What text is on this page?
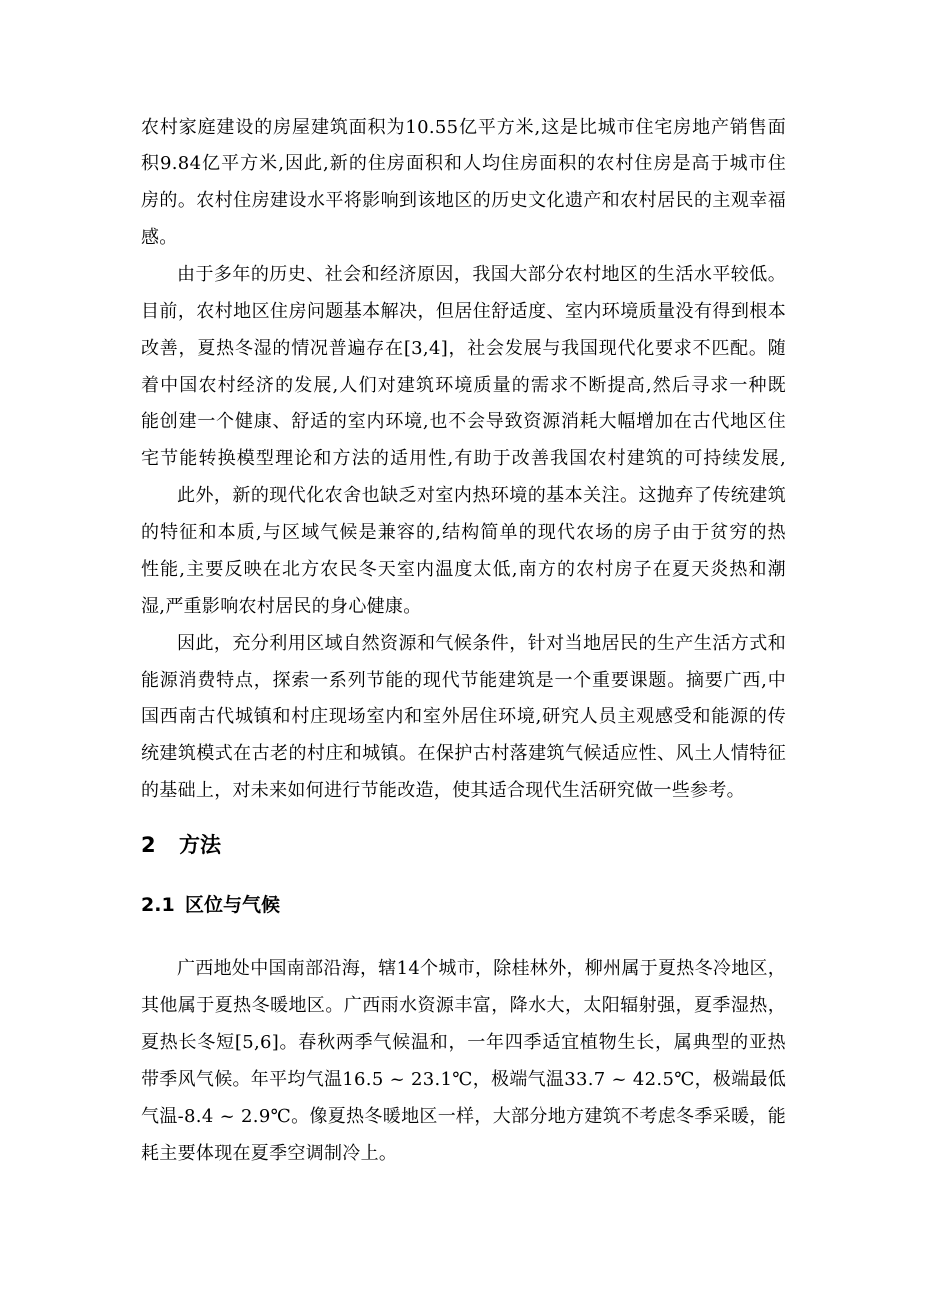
农村家庭建设的房屋建筑面积为10.55亿平方米,这是比城市住宅房地产销售面
积9.84亿平方米,因此,新的住房面积和人均住房面积的农村住房是高于城市住
房的。农村住房建设水平将影响到该地区的历史文化遗产和农村居民的主观幸福
感。
由于多年的历史、社会和经济原因，我国大部分农村地区的生活水平较低。
目前，农村地区住房问题基本解决，但居住舒适度、室内环境质量没有得到根本
改善，夏热冬湿的情况普遍存在[3,4]，社会发展与我国现代化要求不匹配。随
着中国农村经济的发展,人们对建筑环境质量的需求不断提高,然后寻求一种既
能创建一个健康、舒适的室内环境,也不会导致资源消耗大幅增加在古代地区住
宅节能转换模型理论和方法的适用性,有助于改善我国农村建筑的可持续发展,
此外，新的现代化农舍也缺乏对室内热环境的基本关注。这抛弃了传统建筑
的特征和本质,与区域气候是兼容的,结构简单的现代农场的房子由于贫穷的热
性能,主要反映在北方农民冬天室内温度太低,南方的农村房子在夏天炎热和潮
湿,严重影响农村居民的身心健康。
因此，充分利用区域自然资源和气候条件，针对当地居民的生产生活方式和
能源消费特点，探索一系列节能的现代节能建筑是一个重要课题。摘要广西,中
国西南古代城镇和村庄现场室内和室外居住环境,研究人员主观感受和能源的传
统建筑模式在古老的村庄和城镇。在保护古村落建筑气候适应性、风土人情特征
的基础上，对未来如何进行节能改造，使其适合现代生活研究做一些参考。
2 方法
2.1 区位与气候
广西地处中国南部沿海，辖14个城市，除桂林外，柳州属于夏热冬冷地区，
其他属于夏热冬暖地区。广西雨水资源丰富，降水大，太阳辐射强，夏季湿热，
夏热长冬短[5,6]。春秋两季气候温和，一年四季适宜植物生长，属典型的亚热
带季风气候。年平均气温16.5 ~ 23.1℃，极端气温33.7 ~ 42.5℃，极端最低
气温-8.4 ~ 2.9℃。像夏热冬暖地区一样，大部分地方建筑不考虑冬季采暖，能
耗主要体现在夏季空调制冷上。
